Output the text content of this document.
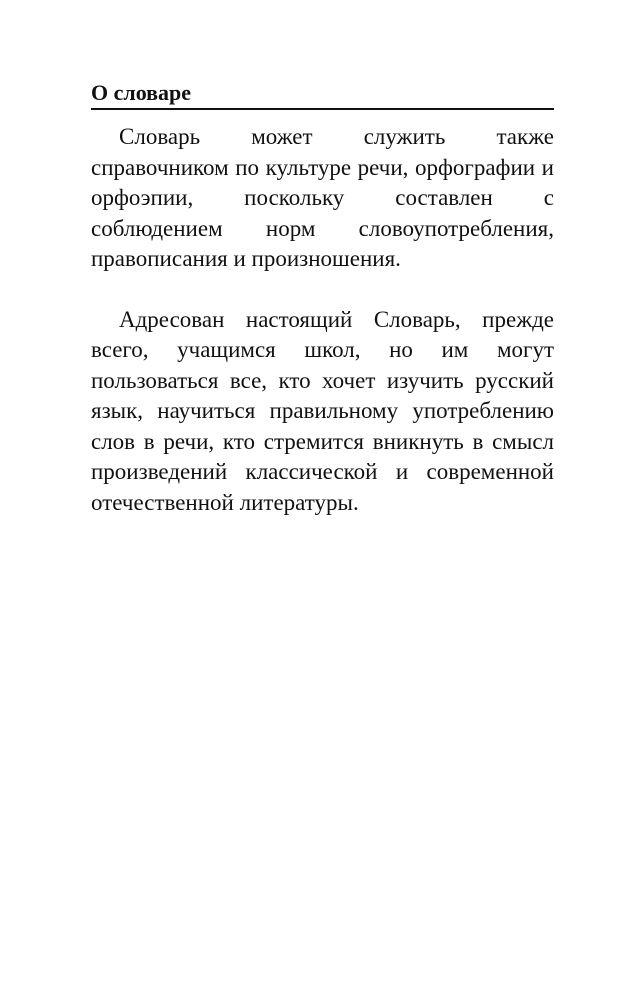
О словаре

Словарь может служить также справочником по культуре речи, орфографии и орфоэпии, поскольку составлен с соблюдением норм словоупотребления, правописания и произношения.

Адресован настоящий Словарь, прежде всего, учащимся школ, но им могут пользоваться все, кто хочет изучить русский язык, научиться правильному употреблению слов в речи, кто стремится вникнуть в смысл произведений классической и современной отечественной литературы.
